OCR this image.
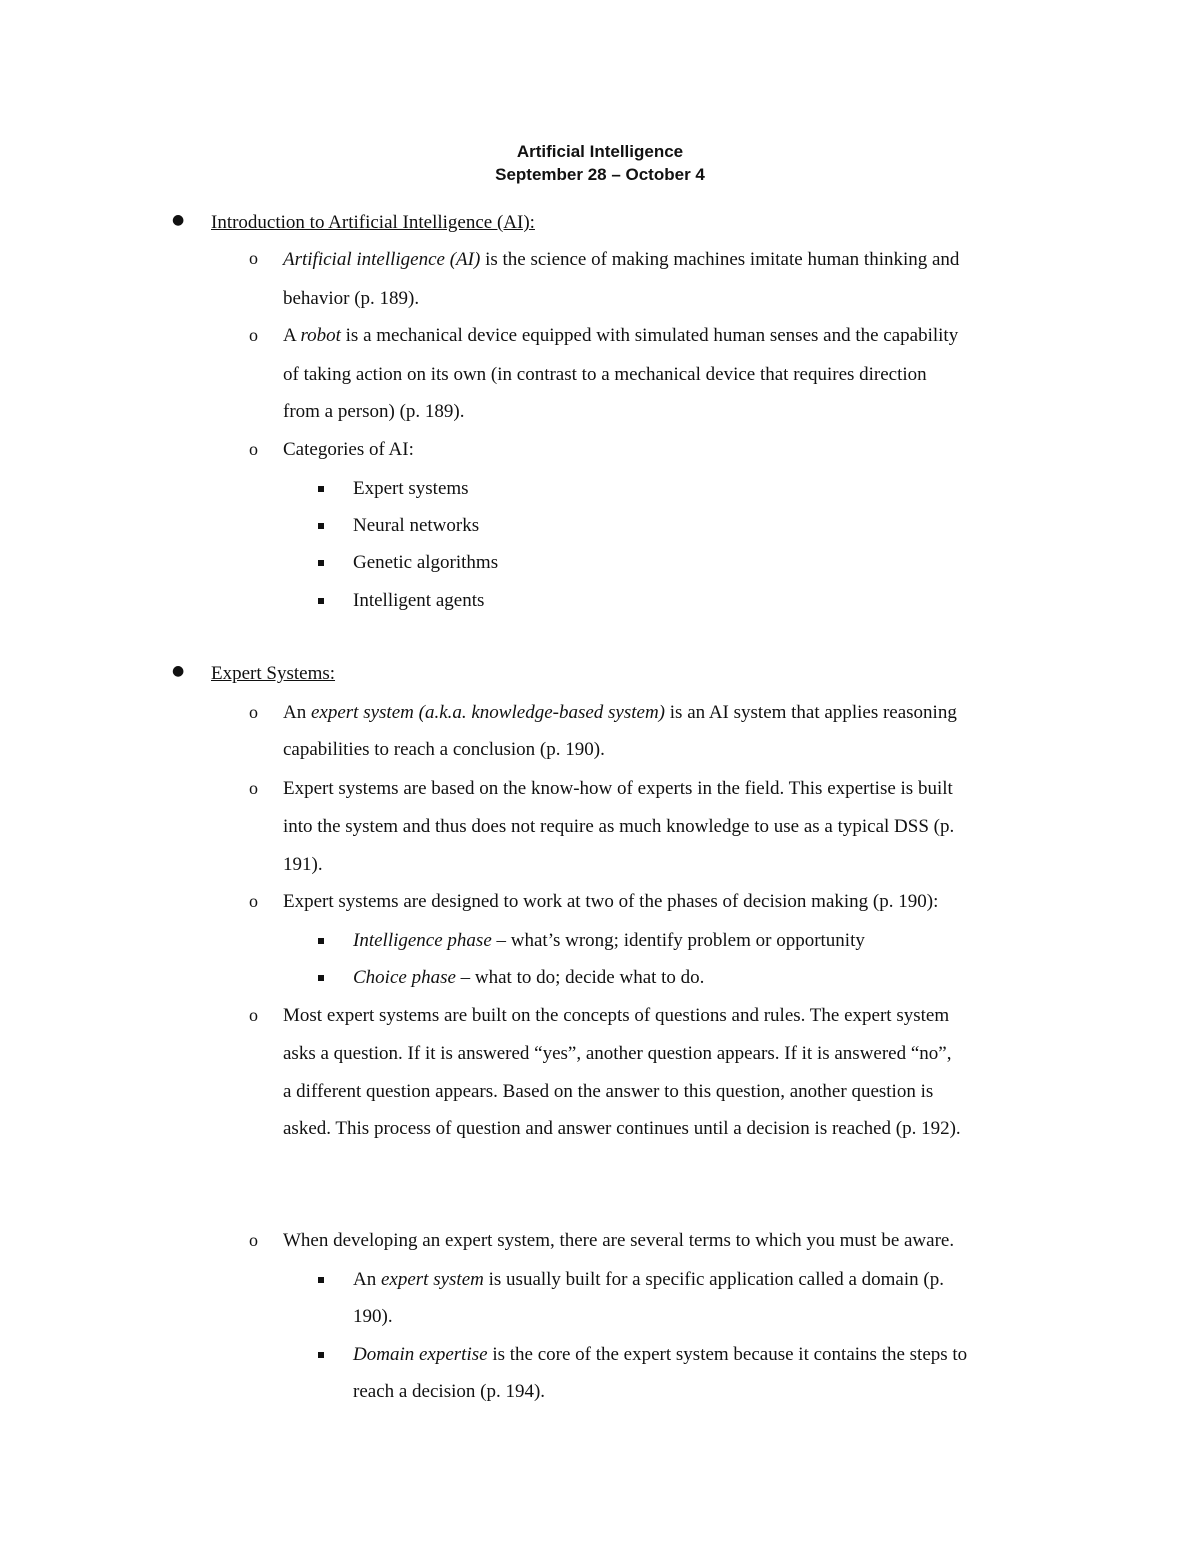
Artificial Intelligence
September 28 – October 4
● Introduction to Artificial Intelligence (AI):
o Artificial intelligence (AI) is the science of making machines imitate human thinking and
behavior (p. 189).
o A robot is a mechanical device equipped with simulated human senses and the capability
of taking action on its own (in contrast to a mechanical device that requires direction
from a person) (p. 189).
o Categories of AI:
Expert systems
Neural networks
Genetic algorithms
Intelligent agents
● Expert Systems:
o An expert system (a.k.a. knowledge-based system) is an AI system that applies reasoning
capabilities to reach a conclusion (p. 190).
o Expert systems are based on the know-how of experts in the field. This expertise is built
into the system and thus does not require as much knowledge to use as a typical DSS (p.
191).
o Expert systems are designed to work at two of the phases of decision making (p. 190):
Intelligence phase – what’s wrong; identify problem or opportunity
Choice phase – what to do; decide what to do.
o Most expert systems are built on the concepts of questions and rules. The expert system
asks a question. If it is answered “yes”, another question appears. If it is answered “no”,
a different question appears. Based on the answer to this question, another question is
asked. This process of question and answer continues until a decision is reached (p. 192).
o When developing an expert system, there are several terms to which you must be aware.
An expert system is usually built for a specific application called a domain (p.
190).
Domain expertise is the core of the expert system because it contains the steps to
reach a decision (p. 194).
